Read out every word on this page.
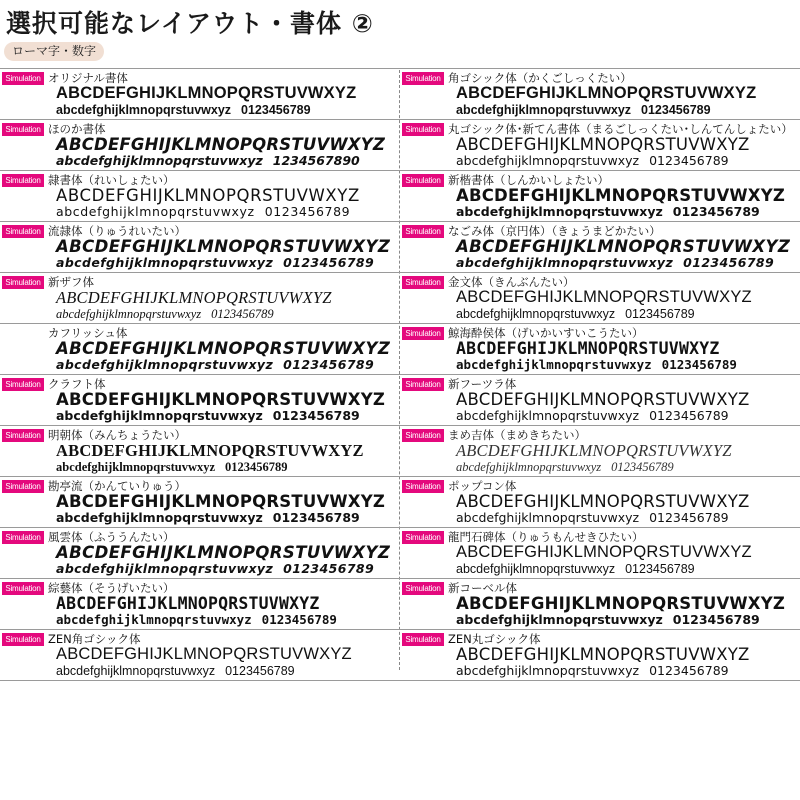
選択可能なレイアウト・書体 ②
ローマ字・数字
Simulation オリジナル書体
ABCDEFGHIJKLMNOPQRSTUVWXYZ
abcdefghijklmnopqrstuvwxyz 0123456789
Simulation ほのか書体
ABCDEFGHIJKLMNOPQRSTUVWXYZ
abcdefghijklmnopqrstuvwxyz 1234567890
Simulation 隷書体（れいしょたい）
ABCDEFGHIJKLMNOPQRSTUVWXYZ
abcdefghijklmnopqrstuvwxyz 0123456789
Simulation 流隷体（りゅうれいたい）
ABCDEFGHIJKLMNOPQRSTUVWXYZ
abcdefghijklmnopqrstuvwxyz 0123456789
Simulation 新ザフ体
ABCDEFGHIJKLMNOPQRSTUVWXYZ
abcdefghijklmnopqrstuvwxyz 0123456789
カフリッシュ体
ABCDEFGHIJKLMNOPQRSTUVWXYZ
abcdefghijklmnopqrstuvwxyz 0123456789
Simulation クラフト体
ABCDEFGHIJKLMNOPQRSTUVWXYZ
abcdefghijklmnopqrstuvwxyz 0123456789
Simulation 明朝体（みんちょうたい）
ABCDEFGHIJKLMNOPQRSTUVWXYZ
abcdefghijklmnopqrstuvwxyz 0123456789
Simulation 勘亭流（かんていりゅう）
ABCDEFGHIJKLMNOPQRSTUVWXYZ
abcdefghijklmnopqrstuvwxyz 0123456789
Simulation 風雲体（ふううんたい）
ABCDEFGHIJKLMNOPQRSTUVWXYZ
abcdefghijklmnopqrstuvwxyz 0123456789
Simulation 綜藝体（そうげいたい）
ABCDEFGHIJKLMNOPQRSTUVWXYZ
abcdefghijklmnopqrstuvwxyz 0123456789
Simulation ZEN角ゴシック体
ABCDEFGHIJKLMNOPQRSTUVWXYZ
abcdefghijklmnopqrstuvwxyz 0123456789
Simulation 角ゴシック体（かくごしっくたい）
ABCDEFGHIJKLMNOPQRSTUVWXYZ
abcdefghijklmnopqrstuvwxyz 0123456789
Simulation 丸ゴシック体･新てん書体（まるごしっくたい･しんてんしょたい）
ABCDEFGHIJKLMNOPQRSTUVWXYZ
abcdefghijklmnopqrstuvwxyz 0123456789
Simulation 新楷書体（しんかいしょたい）
ABCDEFGHIJKLMNOPQRSTUVWXYZ
abcdefghijklmnopqrstuvwxyz 0123456789
Simulation なごみ体（京円体）（きょうまどかたい）
ABCDEFGHIJKLMNOPQRSTUVWXYZ
abcdefghijklmnopqrstuvwxyz 0123456789
Simulation 金文体（きんぶんたい）
ABCDEFGHIJKLMNOPQRSTUVWXYZ
abcdefghijklmnopqrstuvwxyz 0123456789
Simulation 鯨海酔侯体（げいかいすいこうたい）
ABCDEFGHIJKLMNOPQRSTUVWXYZ
abcdefghijklmnopqrstuvwxyz 0123456789
Simulation 新フーツラ体
ABCDEFGHIJKLMNOPQRSTUVWXYZ
abcdefghijklmnopqrstuvwxyz 0123456789
Simulation まめ吉体（まめきちたい）
ABCDEFGHIJKLMNOPQRSTUVWXYZ
abcdefghijklmnopqrstuvwxyz 0123456789
Simulation ポップコン体
ABCDEFGHIJKLMNOPQRSTUVWXYZ
abcdefghijklmnopqrstuvwxyz 0123456789
Simulation 龍門石碑体（りゅうもんせきひたい）
ABCDEFGHIJKLMNOPQRSTUVWXYZ
abcdefghijklmnopqrstuvwxyz 0123456789
Simulation 新コーベル体
ABCDEFGHIJKLMNOPQRSTUVWXYZ
abcdefghijklmnopqrstuvwxyz 0123456789
Simulation ZEN丸ゴシック体
ABCDEFGHIJKLMNOPQRSTUVWXYZ
abcdefghijklmnopqrstuvwxyz 0123456789
